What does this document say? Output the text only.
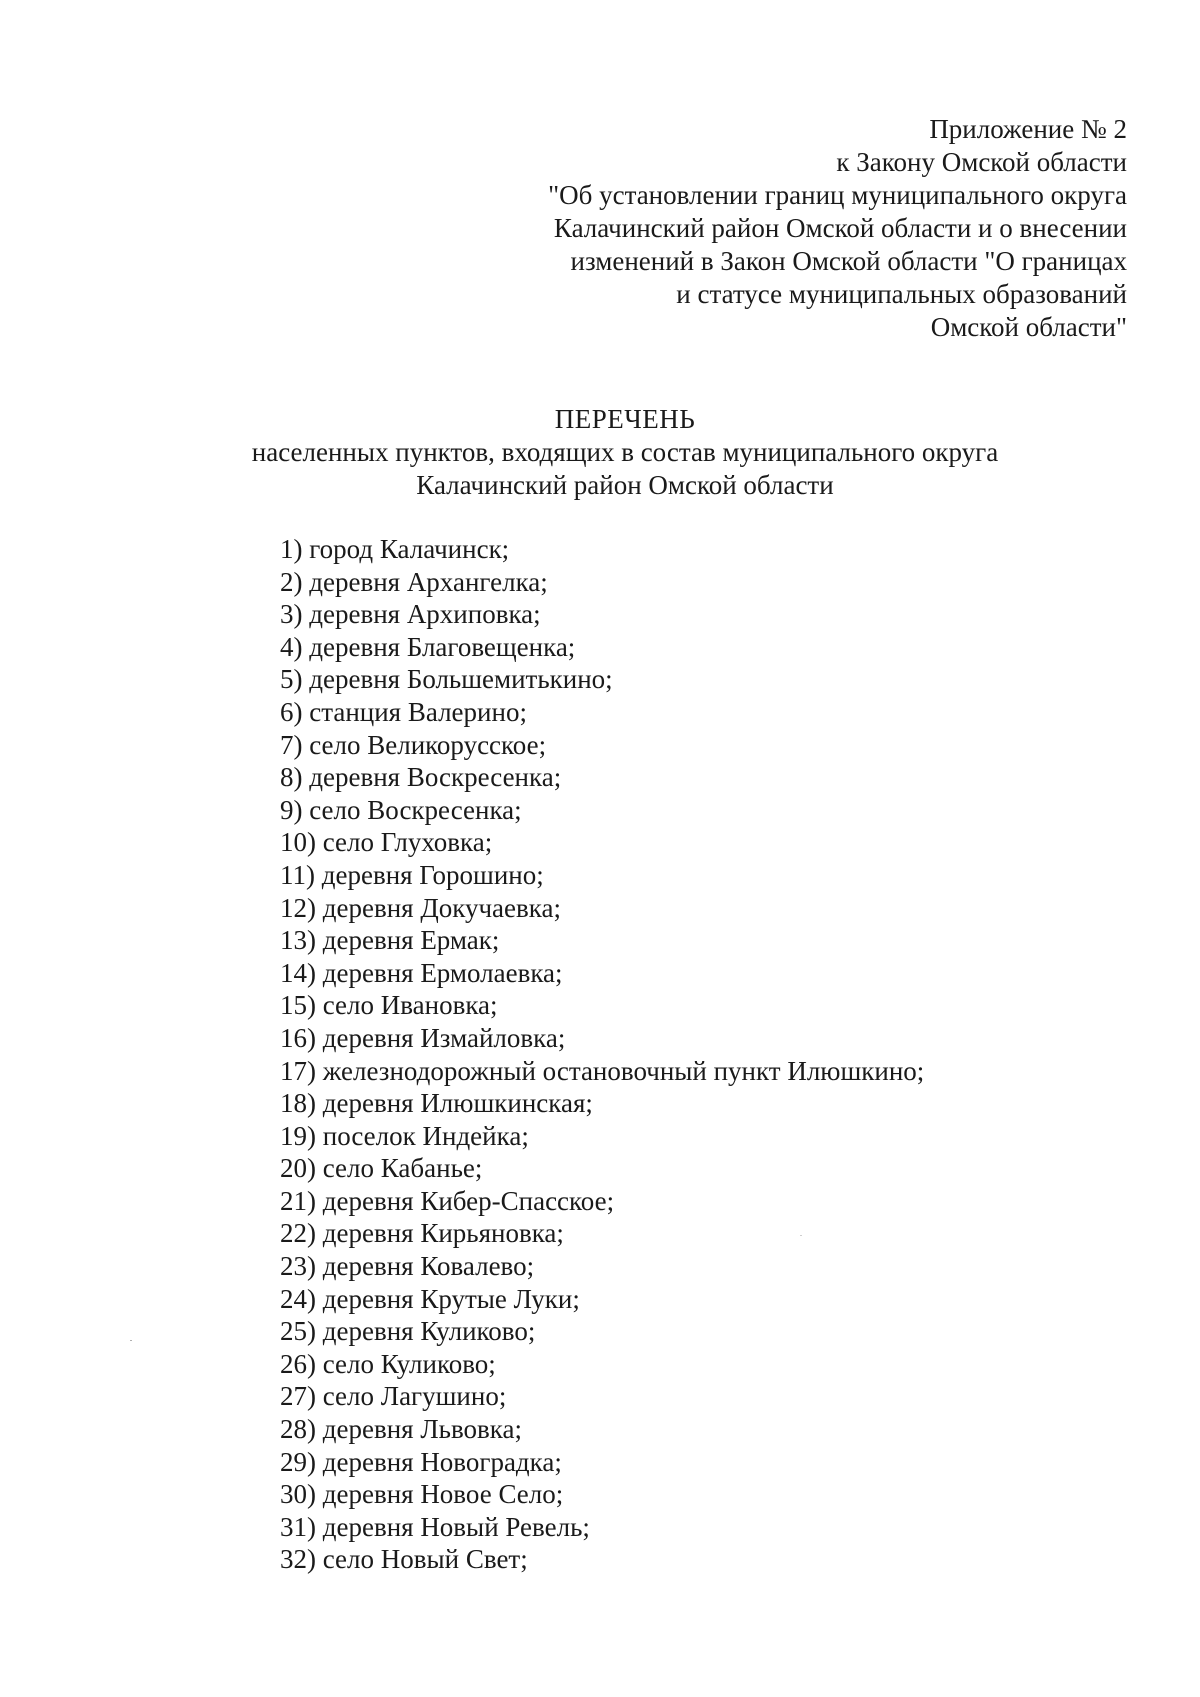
Приложение № 2
к Закону Омской области
"Об установлении границ муниципального округа
Калачинский район Омской области и о внесении
изменений в Закон Омской области "О границах
и статусе муниципальных образований
Омской области"
ПЕРЕЧЕНЬ
населенных пунктов, входящих в состав муниципального округа
Калачинский район Омской области
1) город Калачинск;
2) деревня Архангелка;
3) деревня Архиповка;
4) деревня Благовещенка;
5) деревня Большемитькино;
6) станция Валерино;
7) село Великорусское;
8) деревня Воскресенка;
9) село Воскресенка;
10) село Глуховка;
11) деревня Горошино;
12) деревня Докучаевка;
13) деревня Ермак;
14) деревня Ермолаевка;
15) село Ивановка;
16) деревня Измайловка;
17) железнодорожный остановочный пункт Илюшкино;
18) деревня Илюшкинская;
19) поселок Индейка;
20) село Кабанье;
21) деревня Кибер-Спасское;
22) деревня Кирьяновка;
23) деревня Ковалево;
24) деревня Крутые Луки;
25) деревня Куликово;
26) село Куликово;
27) село Лагушино;
28) деревня Львовка;
29) деревня Новоградка;
30) деревня Новое Село;
31) деревня Новый Ревель;
32) село Новый Свет;
